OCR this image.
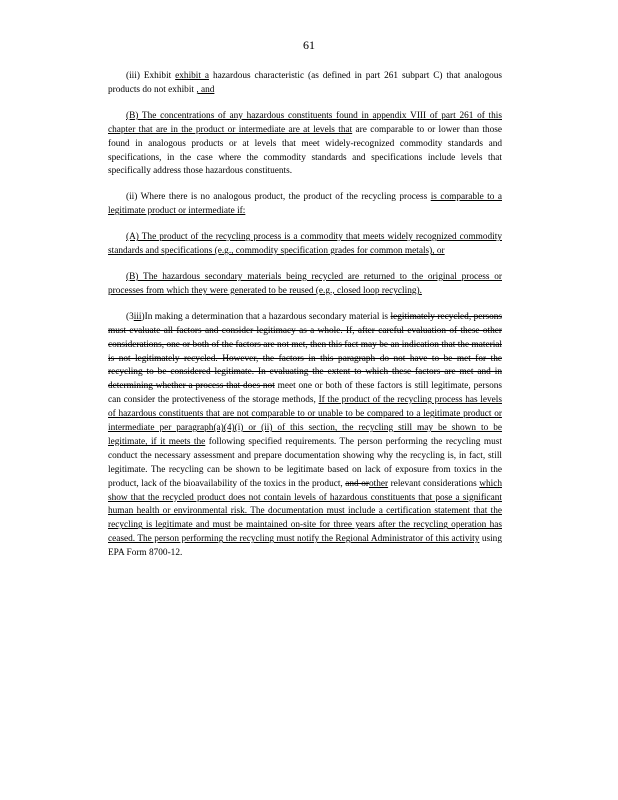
61

(iii) Exhibit exhibit a hazardous characteristic (as defined in part 261 subpart C) that analogous products do not exhibit , and

(B) The concentrations of any hazardous constituents found in appendix VIII of part 261 of this chapter that are in the product or intermediate are at levels that are comparable to or lower than those found in analogous products or at levels that meet widely-recognized commodity standards and specifications, in the case where the commodity standards and specifications include levels that specifically address those hazardous constituents.

(ii) Where there is no analogous product, the product of the recycling process is comparable to a legitimate product or intermediate if:

(A) The product of the recycling process is a commodity that meets widely recognized commodity standards and specifications (e.g., commodity specification grades for common metals), or

(B) The hazardous secondary materials being recycled are returned to the original process or processes from which they were generated to be reused (e.g., closed loop recycling).

(3iii)In making a determination that a hazardous secondary material is legitimately recycled, persons must evaluate all factors and consider legitimacy as a whole. If, after careful evaluation of these other considerations, one or both of the factors are not met, then this fact may be an indication that the material is not legitimately recycled. However, the factors in this paragraph do not have to be met for the recycling to be considered legitimate. In evaluating the extent to which these factors are met and in determining whether a process that does not meet one or both of these factors is still legitimate, persons can consider the protectiveness of the storage methods, If the product of the recycling process has levels of hazardous constituents that are not comparable to or unable to be compared to a legitimate product or intermediate per paragraph(a)(4)(i) or (ii) of this section, the recycling still may be shown to be legitimate, if it meets the following specified requirements. The person performing the recycling must conduct the necessary assessment and prepare documentation showing why the recycling is, in fact, still legitimate. The recycling can be shown to be legitimate based on lack of exposure from toxics in the product, lack of the bioavailability of the toxics in the product, and orother relevant considerations which show that the recycled product does not contain levels of hazardous constituents that pose a significant human health or environmental risk. The documentation must include a certification statement that the recycling is legitimate and must be maintained on-site for three years after the recycling operation has ceased. The person performing the recycling must notify the Regional Administrator of this activity using EPA Form 8700-12.
